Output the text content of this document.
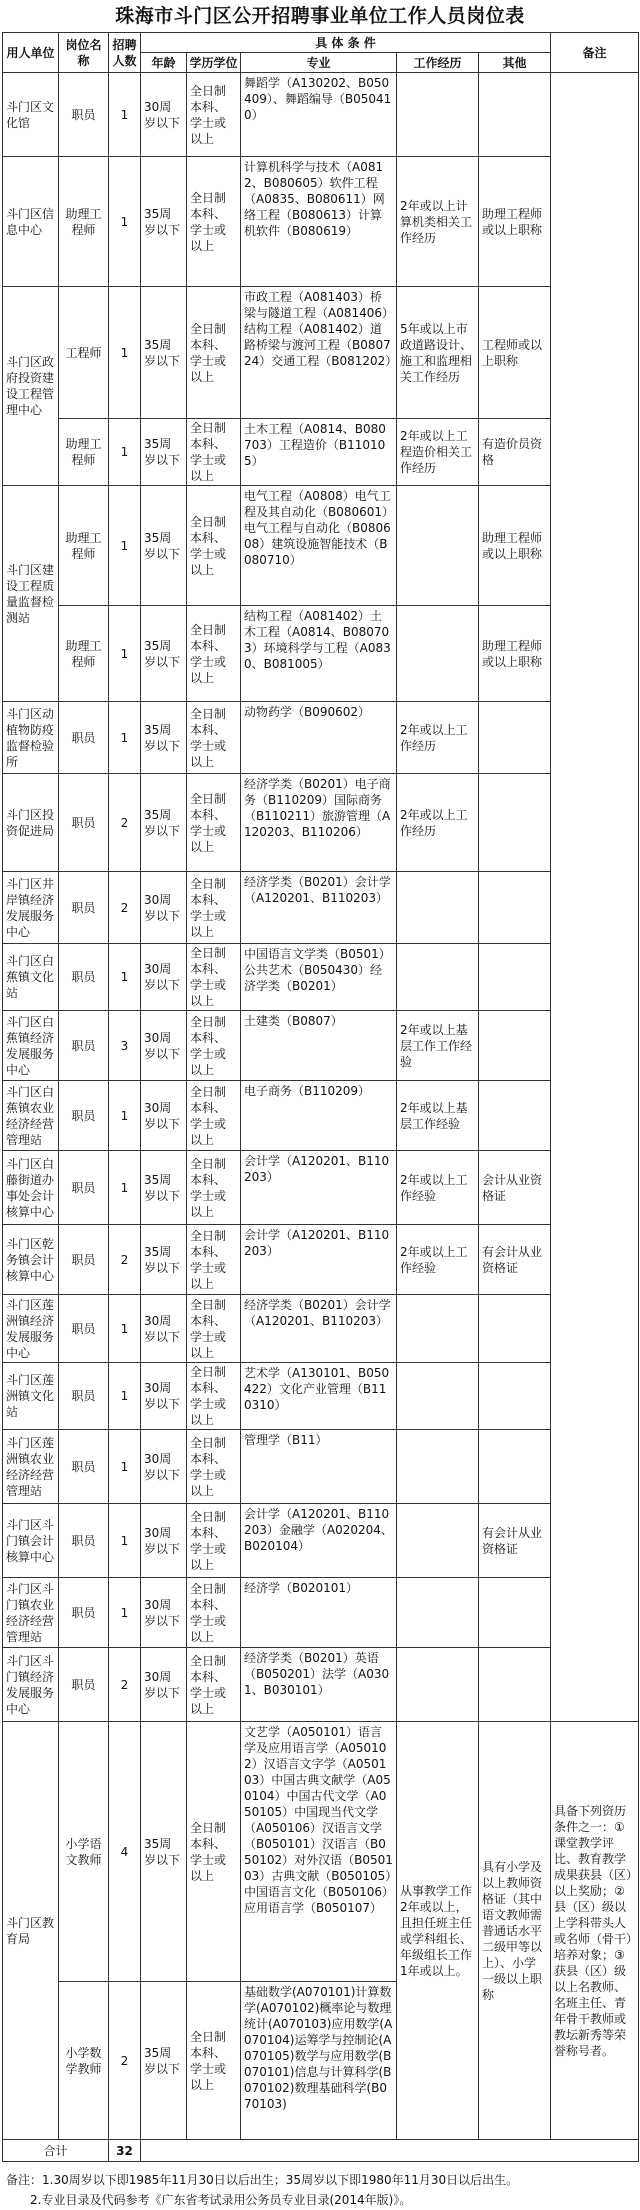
珠海市斗门区公开招聘事业单位工作人员岗位表
用人单位	岗位名称	招聘人数	具 体 条 件					备注
			年龄	学历学位	专业	工作经历	其他	
斗门区文化馆	职员	1	30周岁以下	全日制本科、学士或以上	舞蹈学（A130202、B050409）、舞蹈编导（B050410）			
斗门区信息中心	助理工程师	1	35周岁以下	全日制本科、学士或以上	计算机科学与技术（A0812、B080605）软件工程（A0835、B080611）网络工程（B080613）计算机软件（B080619）	2年或以上计算机类相关工作经历	助理工程师或以上职称	
斗门区政府投资建设工程管理中心	工程师	1	35周岁以下	全日制本科、学士或以上	市政工程（A081403）桥梁与隧道工程（A081406）结构工程（A081402）道路桥梁与渡河工程（B080724）交通工程（B081202）	5年或以上市政道路设计、施工和监理相关工作经历	工程师或以上职称	
	助理工程师	1	35周岁以下	全日制本科、学士或以上	土木工程（A0814、B080703）工程造价（B110105）	2年或以上工程造价相关工作经历	有造价员资格	
斗门区建设工程质量监督检测站	助理工程师	1	35周岁以下	全日制本科、学士或以上	电气工程（A0808）电气工程及其自动化（B080601）电气工程与自动化（B080608）建筑设施智能技术（B080710）		助理工程师或以上职称	
	助理工程师	1	35周岁以下	全日制本科、学士或以上	结构工程（A081402）土木工程（A0814、B080703）环境科学与工程（A0830、B081005）		助理工程师或以上职称	
斗门区动植物防疫监督检验所	职员	1	35周岁以下	全日制本科、学士或以上	动物药学（B090602）	2年或以上工作经历		
斗门区投资促进局	职员	2	35周岁以下	全日制本科、学士或以上	经济学类（B0201）电子商务（B110209）国际商务（B110211）旅游管理（A120203、B110206）	2年或以上工作经历		
斗门区井岸镇经济发展服务中心	职员	2	30周岁以下	全日制本科、学士或以上	经济学类（B0201）会计学（A120201、B110203）			
斗门区白蕉镇文化站	职员	1	30周岁以下	全日制本科、学士或以上	中国语言文学类（B0501）公共艺术（B050430）经济学类（B0201）			
斗门区白蕉镇经济发展服务中心	职员	3	30周岁以下	全日制本科、学士或以上	土建类（B0807）	2年或以上基层工作工作经验		
斗门区白蕉镇农业经济经营管理站	职员	1	30周岁以下	全日制本科、学士或以上	电子商务（B110209）	2年或以上基层工作经验		
斗门区白藤街道办事处会计核算中心	职员	1	35周岁以下	全日制本科、学士或以上	会计学（A120201、B110203）	2年或以上工作经验	会计从业资格证	
斗门区乾务镇会计核算中心	职员	2	35周岁以下	全日制本科、学士或以上	会计学（A120201、B110203）	2年或以上工作经验	有会计从业资格证	
斗门区莲洲镇经济发展服务中心	职员	1	30周岁以下	全日制本科、学士或以上	经济学类（B0201）会计学（A120201、B110203）			
斗门区莲洲镇文化站	职员	1	30周岁以下	全日制本科、学士或以上	艺术学（A130101、B050422）文化产业管理（B110310）			
斗门区莲洲镇农业经济经营管理站	职员	1	30周岁以下	全日制本科、学士或以上	管理学（B11）			
斗门区斗门镇会计核算中心	职员	1	30周岁以下	全日制本科、学士或以上	会计学（A120201、B110203）金融学（A020204、B020104）		有会计从业资格证	
斗门区斗门镇农业经济经营管理站	职员	1	30周岁以下	全日制本科、学士或以上	经济学（B020101）			
斗门区斗门镇经济发展服务中心	职员	2	30周岁以下	全日制本科、学士或以上	经济学类（B0201）英语（B050201）法学（A0301、B030101）			
斗门区教育局	小学语文教师	4	35周岁以下	全日制本科、学士或以上	文艺学（A050101）语言学及应用语言学（A050102）汉语言文字学（A050103）中国古典文献学（A050104）中国古代文学（A050105）中国现当代文学（A050106）汉语言文学（B050101）汉语言（B050102）对外汉语（B050103）古典文献（B050105）中国语言文化（B050106）应用语言学（B050107）	从事教学工作2年或以上，且担任班主任或学科组长、年级组长工作1年或以上。	具有小学及以上教师资格证（其中语文教师需普通话水平二级甲等以上）、小学一级以上职称	具备下列资历条件之一：①课堂教学评比、教育教学成果获县（区）以上奖励；②县（区）级以上学科带头人或名师（骨干）培养对象；③获县（区）级以上名教师、名班主任、青年骨干教师或教坛新秀等荣誉称号者。
	小学数学教师	2	35周岁以下	全日制本科、学士或以上	基础数学(A070101)计算数学(A070102)概率论与数理统计(A070103)应用数学(A070104)运筹学与控制论(A070105)数学与应用数学(B070101)信息与计算科学(B070102)数理基础科学(B070103)			
合计		32						
备注：1.30周岁以下即1985年11月30日以后出生；35周岁以下即1980年11月30日以后出生。
2.专业目录及代码参考《广东省考试录用公务员专业目录(2014年版)》。
